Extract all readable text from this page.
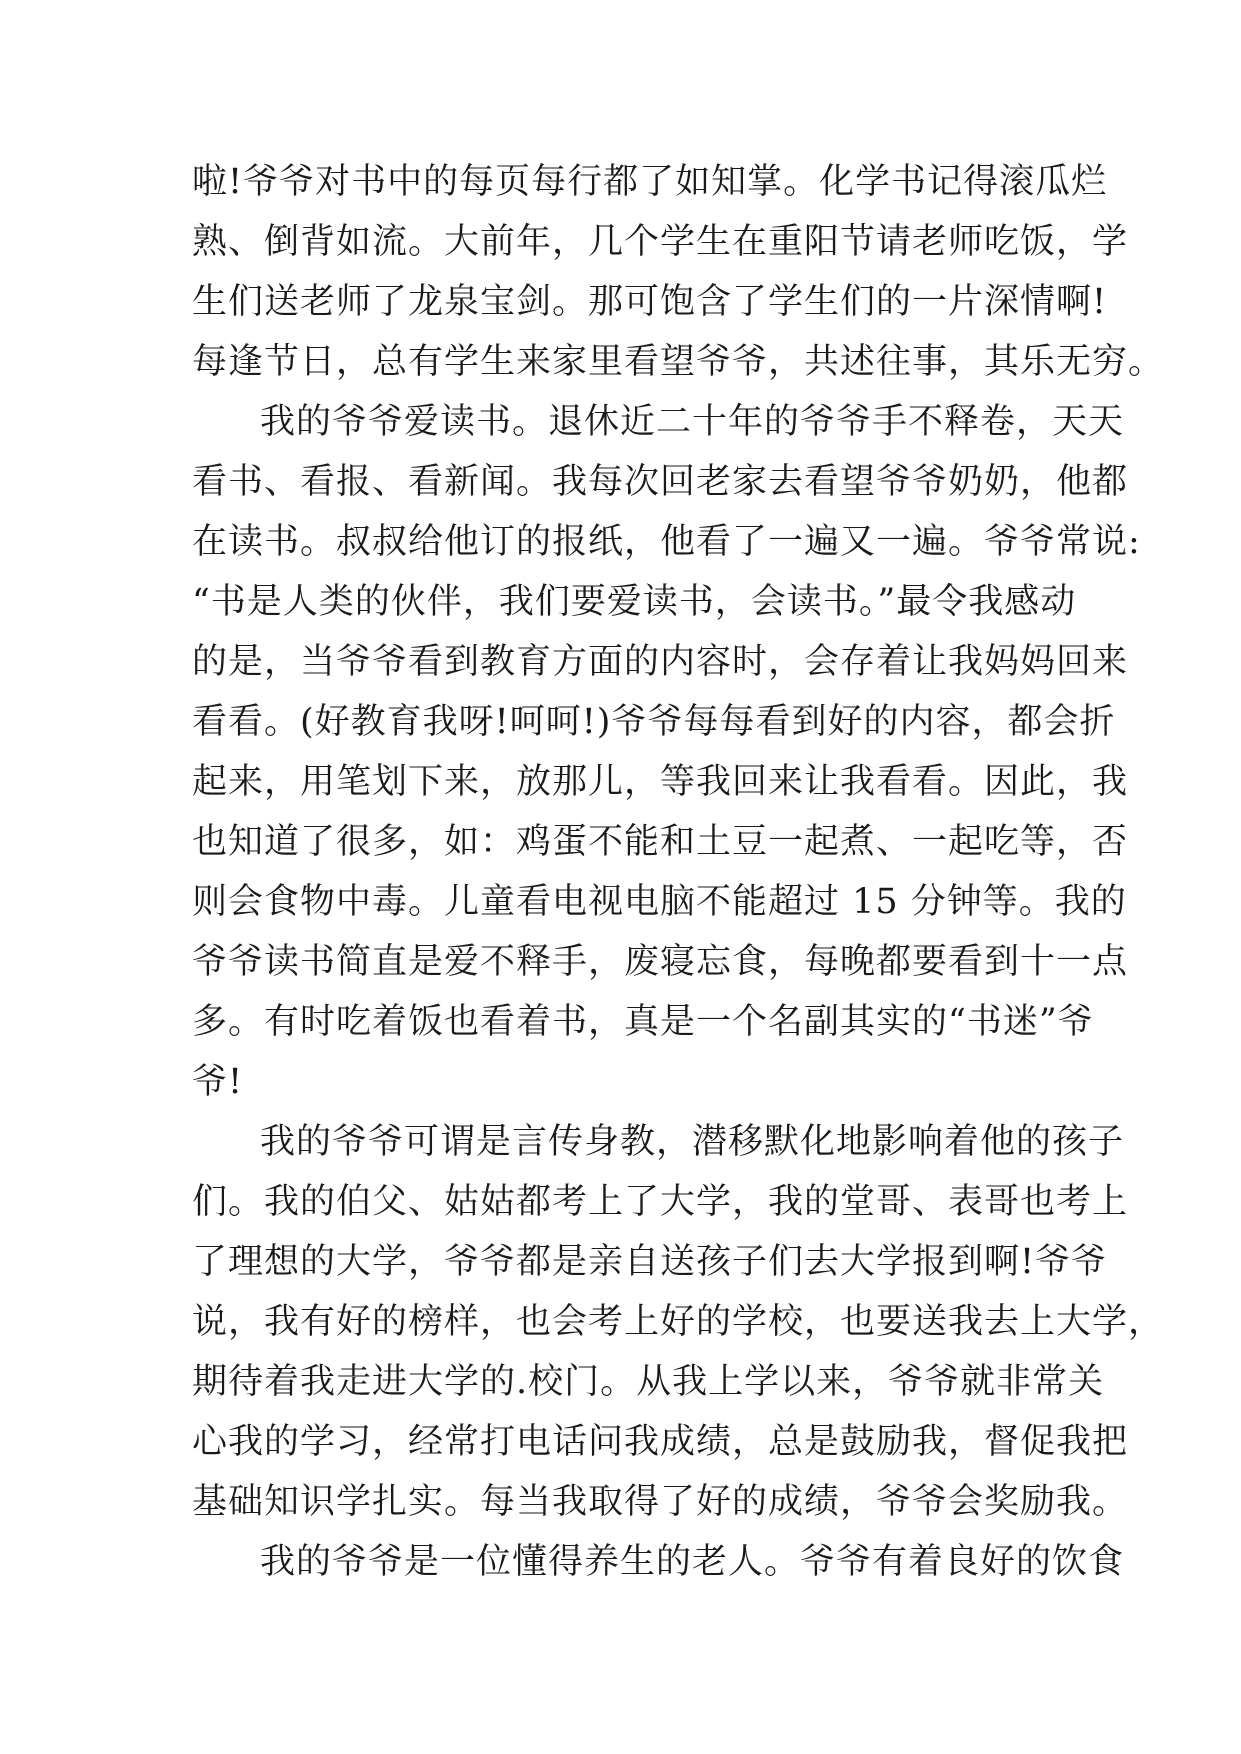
啦!爷爷对书中的每页每行都了如知掌。化学书记得滚瓜烂
熟、倒背如流。大前年，几个学生在重阳节请老师吃饭，学
生们送老师了龙泉宝剑。那可饱含了学生们的一片深情啊!
每逢节日，总有学生来家里看望爷爷，共述往事，其乐无穷。
我的爷爷爱读书。退休近二十年的爷爷手不释卷，天天
看书、看报、看新闻。我每次回老家去看望爷爷奶奶，他都
在读书。叔叔给他订的报纸，他看了一遍又一遍。爷爷常说:
“书是人类的伙伴，我们要爱读书，会读书。”最令我感动
的是，当爷爷看到教育方面的内容时，会存着让我妈妈回来
看看。(好教育我呀!呵呵!)爷爷每每看到好的内容，都会折
起来，用笔划下来，放那儿，等我回来让我看看。因此，我
也知道了很多，如：鸡蛋不能和土豆一起煮、一起吃等，否
则会食物中毒。儿童看电视电脑不能超过 15 分钟等。我的
爷爷读书简直是爱不释手，废寝忘食，每晚都要看到十一点
多。有时吃着饭也看着书，真是一个名副其实的“书迷”爷
爷!
我的爷爷可谓是言传身教，潜移默化地影响着他的孩子
们。我的伯父、姑姑都考上了大学，我的堂哥、表哥也考上
了理想的大学，爷爷都是亲自送孩子们去大学报到啊!爷爷
说，我有好的榜样，也会考上好的学校，也要送我去上大学，
期待着我走进大学的.校门。从我上学以来，爷爷就非常关
心我的学习，经常打电话问我成绩，总是鼓励我，督促我把
基础知识学扎实。每当我取得了好的成绩，爷爷会奖励我。
我的爷爷是一位懂得养生的老人。爷爷有着良好的饮食
